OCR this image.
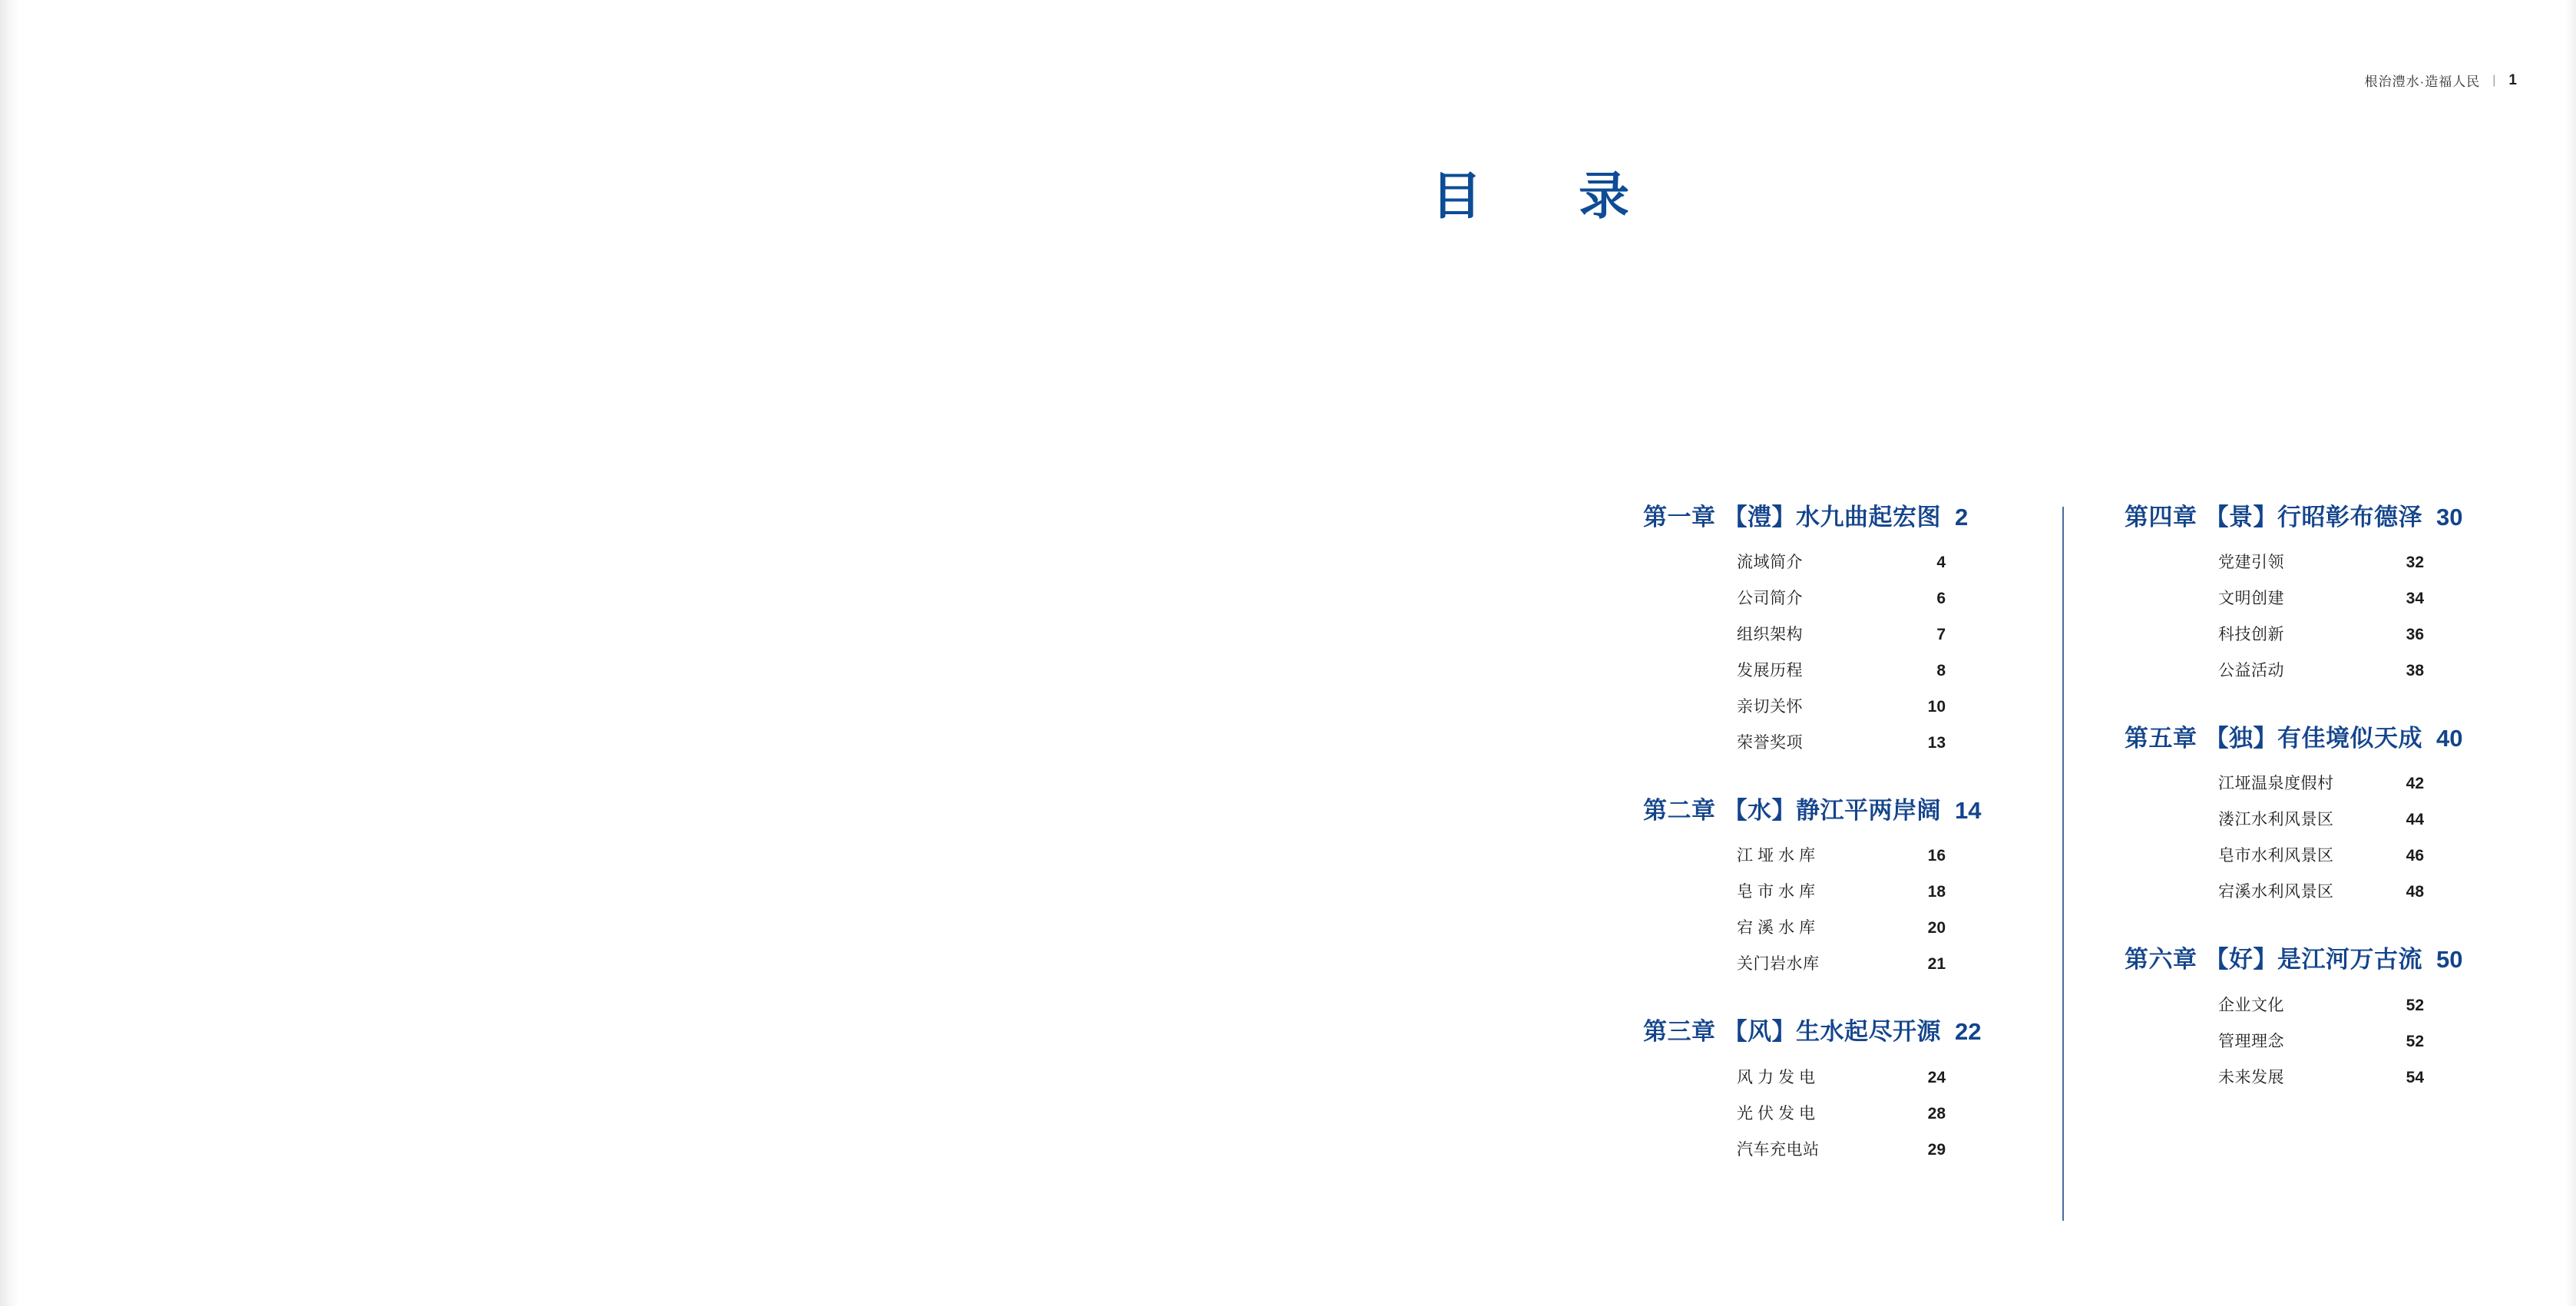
根治澧水·造福人民 | 1
目　录
第一章 【澧】水九曲起宏图 2
流域简介	4
公司简介	6
组织架构	7
发展历程	8
亲切关怀	10
荣誉奖项	13
第二章 【水】静江平两岸阔 14
江垭水库	16
皂市水库	18
宕溪水库	20
关门岩水库	21
第三章 【风】生水起尽开源 22
风力发电	24
光伏发电	28
汽车充电站	29
第四章 【景】行昭彰布德泽 30
党建引领	32
文明创建	34
科技创新	36
公益活动	38
第五章 【独】有佳境似天成 40
江垭温泉度假村	42
溇江水利风景区	44
皂市水利风景区	46
宕溪水利风景区	48
第六章 【好】是江河万古流 50
企业文化	52
管理理念	52
未来发展	54
